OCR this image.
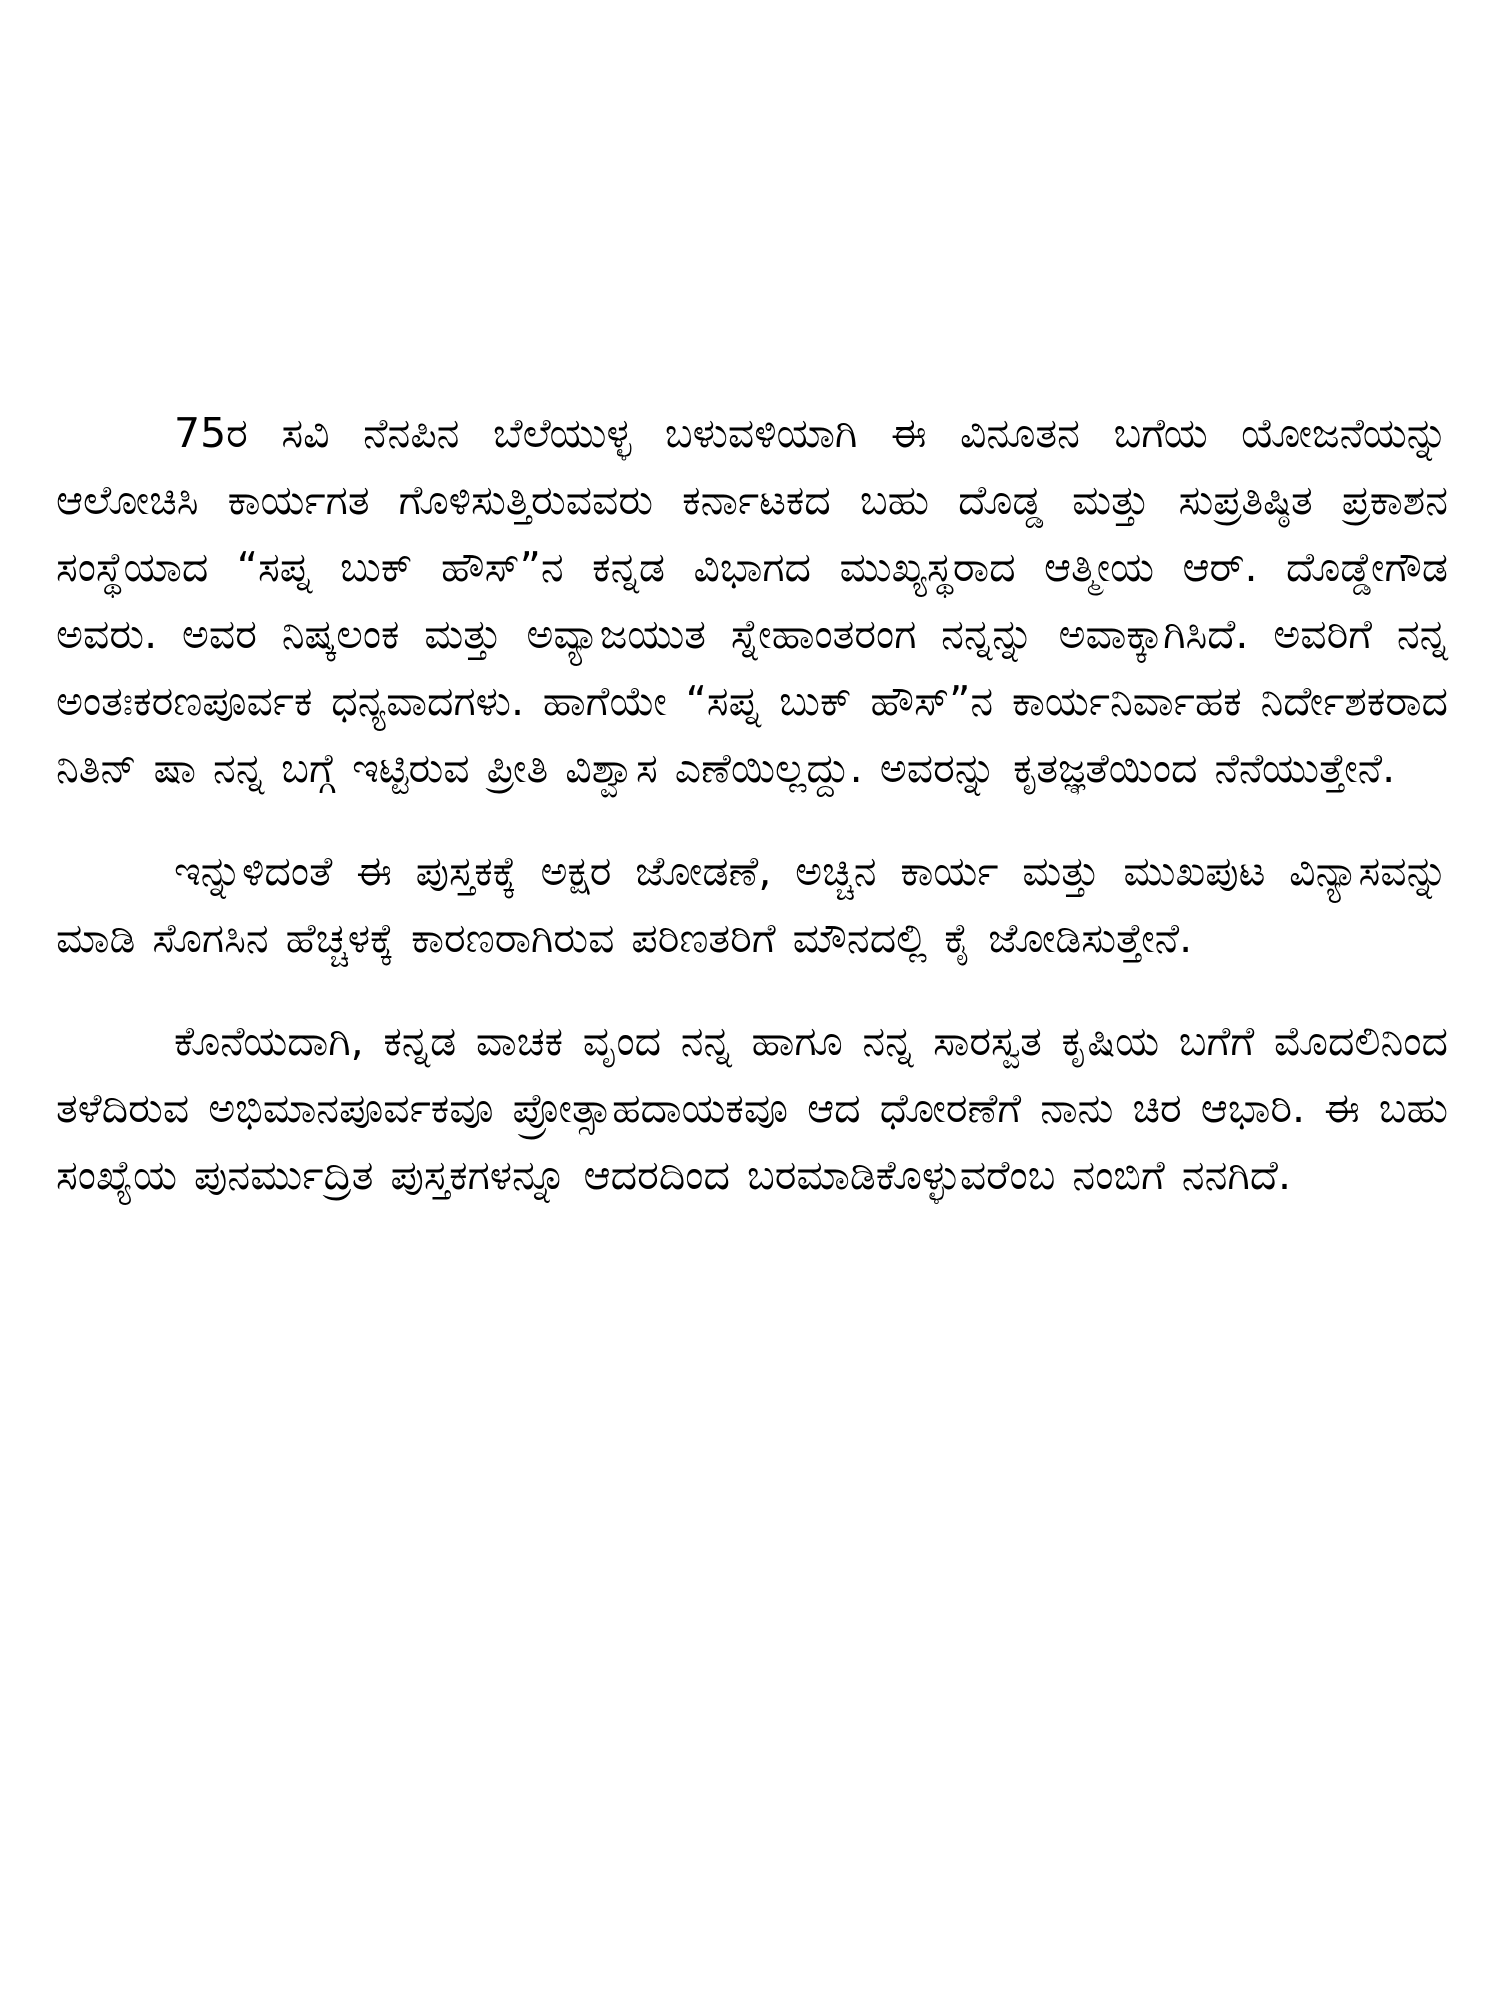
75ರ ಸವಿ ನೆನಪಿನ ಬೆಲೆಯುಳ್ಳ ಬಳುವಳಿಯಾಗಿ ಈ ವಿನೂತನ ಬಗೆಯ ಯೋಜನೆಯನ್ನು ಆಲೋಚಿಸಿ ಕಾರ್ಯಗತ ಗೊಳಿಸುತ್ತಿರುವವರು ಕರ್ನಾಟಕದ ಬಹು ದೊಡ್ಡ ಮತ್ತು ಸುಪ್ರತಿಷ್ಠಿತ ಪ್ರಕಾಶನ ಸಂಸ್ಥೆಯಾದ “ಸಪ್ನ ಬುಕ್ ಹೌಸ್”ನ ಕನ್ನಡ ವಿಭಾಗದ ಮುಖ್ಯಸ್ಥರಾದ ಆತ್ಮೀಯ ಆರ್. ದೊಡ್ಡೇಗೌಡ ಅವರು. ಅವರ ನಿಷ್ಕಲಂಕ ಮತ್ತು ಅವ್ಯಾಜಯುತ ಸ್ನೇಹಾಂತರಂಗ ನನ್ನನ್ನು ಅವಾಕ್ಕಾಗಿಸಿದೆ. ಅವರಿಗೆ ನನ್ನ ಅಂತಃಕರಣಪೂರ್ವಕ ಧನ್ಯವಾದಗಳು. ಹಾಗೆಯೇ “ಸಪ್ನ ಬುಕ್ ಹೌಸ್”ನ ಕಾರ್ಯನಿರ್ವಾಹಕ ನಿರ್ದೇಶಕರಾದ ನಿತಿನ್ ಷಾ ನನ್ನ ಬಗ್ಗೆ ಇಟ್ಟಿರುವ ಪ್ರೀತಿ ವಿಶ್ವಾಸ ಎಣೆಯಿಲ್ಲದ್ದು. ಅವರನ್ನು ಕೃತಜ್ಞತೆಯಿಂದ ನೆನೆಯುತ್ತೇನೆ.

ಇನ್ನುಳಿದಂತೆ ಈ ಪುಸ್ತಕಕ್ಕೆ ಅಕ್ಷರ ಜೋಡಣೆ, ಅಚ್ಚಿನ ಕಾರ್ಯ ಮತ್ತು ಮುಖಪುಟ ವಿನ್ಯಾಸವನ್ನು ಮಾಡಿ ಸೊಗಸಿನ ಹೆಚ್ಚಳಕ್ಕೆ ಕಾರಣರಾಗಿರುವ ಪರಿಣತರಿಗೆ ಮೌನದಲ್ಲಿ ಕೈ ಜೋಡಿಸುತ್ತೇನೆ.

ಕೊನೆಯದಾಗಿ, ಕನ್ನಡ ವಾಚಕ ವೃಂದ ನನ್ನ ಹಾಗೂ ನನ್ನ ಸಾರಸ್ವತ ಕೃಷಿಯ ಬಗೆಗೆ ಮೊದಲಿನಿಂದ ತಳೆದಿರುವ ಅಭಿಮಾನಪೂರ್ವಕವೂ ಪ್ರೋತ್ಸಾಹದಾಯಕವೂ ಆದ ಧೋರಣೆಗೆ ನಾನು ಚಿರ ಆಭಾರಿ. ಈ ಬಹು ಸಂಖ್ಯೆಯ ಪುನರ್ಮುದ್ರಿತ ಪುಸ್ತಕಗಳನ್ನೂ ಆದರದಿಂದ ಬರಮಾಡಿಕೊಳ್ಳುವರೆಂಬ ನಂಬಿಗೆ ನನಗಿದೆ.
